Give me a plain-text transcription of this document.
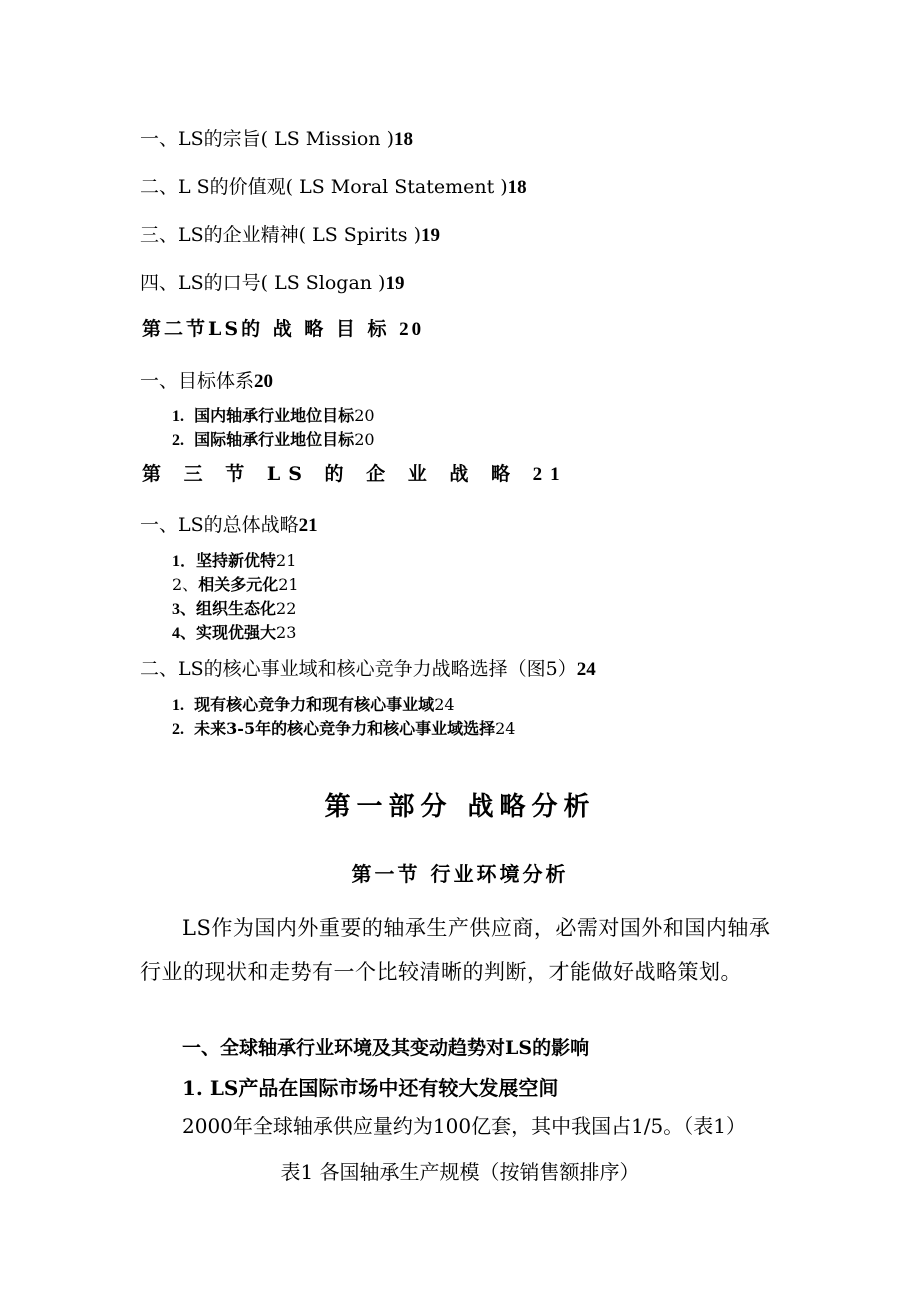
一、LS的宗旨( LS Mission )18
二、L S的价值观( LS Moral Statement )18
三、LS的企业精神( LS Spirits )19
四、LS的口号( LS Slogan )19
第二节LS的 战 略 目 标 20
一、目标体系20
1. 国内轴承行业地位目标20
2. 国际轴承行业地位目标20
第 三 节 LS 的 企 业 战 略 21
一、LS的总体战略21
1．坚持新优特21
2、相关多元化21
3、组织生态化22
4、实现优强大23
二、LS的核心事业域和核心竞争力战略选择（图5）24
1. 现有核心竞争力和现有核心事业域24
2. 未来3-5年的核心竞争力和核心事业域选择24
第一部分 战略分析
第一节 行业环境分析
LS作为国内外重要的轴承生产供应商，必需对国外和国内轴承行业的现状和走势有一个比较清晰的判断，才能做好战略策划。
一、全球轴承行业环境及其变动趋势对LS的影响
1. LS产品在国际市场中还有较大发展空间
2000年全球轴承供应量约为100亿套，其中我国占1/5。（表1）
表1 各国轴承生产规模（按销售额排序）
